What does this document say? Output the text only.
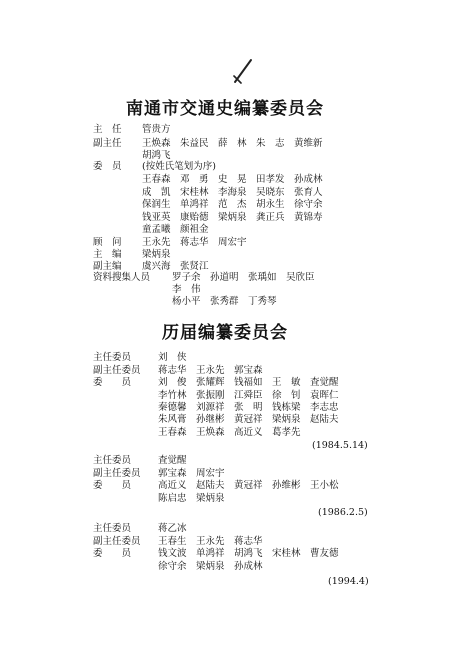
南通市交通史编纂委员会
主　任 管贵方
副主任 王焕森　朱益民　薛　林　朱　志　黄维新
胡鸿飞
委　员 (按姓氏笔划为序)
王春森　邓　勇　史　晃　田孝发　孙成林
成　凯　宋桂林　李海泉　吴晓东　张育人
保润生　单鸿祥　范　杰　胡永生　徐守余
钱亚英　康贻德　梁炳泉　龚正兵　黄锦寿
童孟曦　颜祖金
顾　问 王永先　蒋志华　周宏宇
主　编 梁炳泉
副主编 虞兴海　张贤江
资料搜集人员 罗子余　孙道明　张瑀如　吴欣臣
李　伟
杨小平　张秀群　丁秀琴
历届编纂委员会
主任委员	刘　侠
副主任委员 蒋志华　王永先　郭宝森
委　　员	刘　俊　张耀辉　钱福如　王　敏　査觉醒
李竹林　张振刚　江舜臣　徐　钊　袁晖仁
秦德馨　刘源祥　张　明　钱栋梁　李志忠
朱风膏　孙继彬　黄冠祥　梁炳泉　赵陆夫
王春森　王焕森　高近义　葛孝先
(1984.5.14)
主任委员	査觉醒
副主任委员 郭宝森　周宏宇
委　　员	高近义　赵陆夫　黄冠祥　孙维彬　王小松
陈启忠　梁炳泉
(1986.2.5)
主任委员	蒋乙冰
副主任委员 王春生　王永先　蒋志华
委　　员	钱文波　单鸿祥　胡鸿飞　宋桂林　曹友德
徐守余　梁炳泉　孙成林
(1994.4)
